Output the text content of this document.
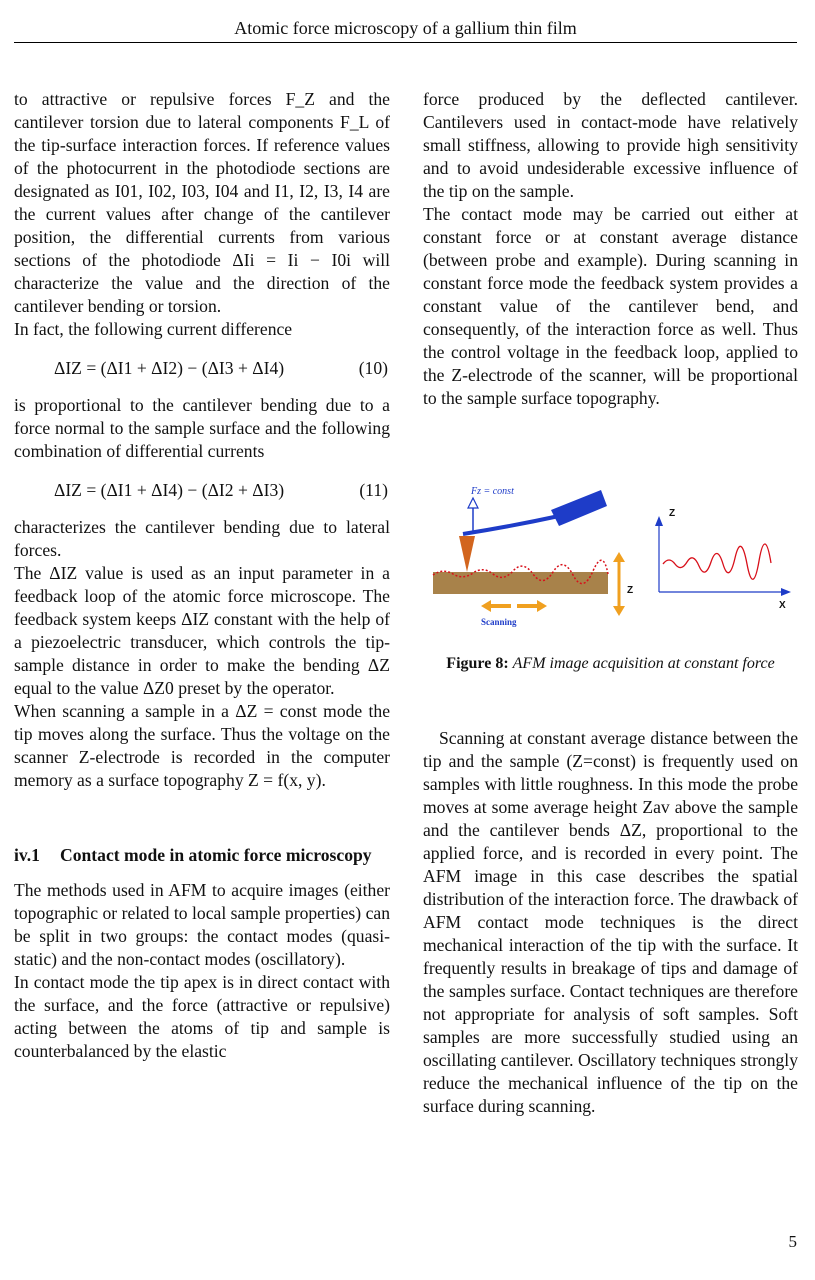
Atomic force microscopy of a gallium thin film

to attractive or repulsive forces F_Z and the cantilever torsion due to lateral components F_L of the tip-surface interaction forces. If reference values of the photocurrent in the photodiode sections are designated as I01, I02, I03, I04 and I1, I2, I3, I4 are the current values after change of the cantilever position, the differential currents from various sections of the photodiode ΔIi = Ii − I0i will characterize the value and the direction of the cantilever bending or torsion.

In fact, the following current difference

ΔIZ = (ΔI1 + ΔI2) − (ΔI3 + ΔI4)	(10)

is proportional to the cantilever bending due to a force normal to the sample surface and the following combination of differential currents

ΔIZ = (ΔI1 + ΔI4) − (ΔI2 + ΔI3)	(11)

characterizes the cantilever bending due to lateral forces.

The ΔIZ value is used as an input parameter in a feedback loop of the atomic force microscope. The feedback system keeps ΔIZ constant with the help of a piezoelectric transducer, which controls the tip-sample distance in order to make the bending ΔZ equal to the value ΔZ0 preset by the operator.

When scanning a sample in a ΔZ = const mode the tip moves along the surface. Thus the voltage on the scanner Z-electrode is recorded in the computer memory as a surface topography Z = f(x, y).

iv.1	Contact mode in atomic force microscopy

The methods used in AFM to acquire images (either topographic or related to local sample properties) can be split in two groups: the contact modes (quasi-static) and the non-contact modes (oscillatory).

In contact mode the tip apex is in direct contact with the surface, and the force (attractive or repulsive) acting between the atoms of tip and sample is counterbalanced by the elastic

force produced by the deflected cantilever. Cantilevers used in contact-mode have relatively small stiffness, allowing to provide high sensitivity and to avoid undesiderable excessive influence of the tip on the sample.

The contact mode may be carried out either at constant force or at constant average distance (between probe and example). During scanning in constant force mode the feedback system provides a constant value of the cantilever bend, and consequently, of the interaction force as well. Thus the control voltage in the feedback loop, applied to the Z-electrode of the scanner, will be proportional to the sample surface topography.

Fz = const
Z
Scanning
Z
X
Figure 8: AFM image acquisition at constant force

Scanning at constant average distance between the tip and the sample (Z=const) is frequently used on samples with little roughness. In this mode the probe moves at some average height Zav above the sample and the cantilever bends ΔZ, proportional to the applied force, and is recorded in every point. The AFM image in this case describes the spatial distribution of the interaction force. The drawback of AFM contact mode techniques is the direct mechanical interaction of the tip with the surface. It frequently results in breakage of tips and damage of the samples surface. Contact techniques are therefore not appropriate for analysis of soft samples. Soft samples are more successfully studied using an oscillating cantilever. Oscillatory techniques strongly reduce the mechanical influence of the tip on the surface during scanning.

5
